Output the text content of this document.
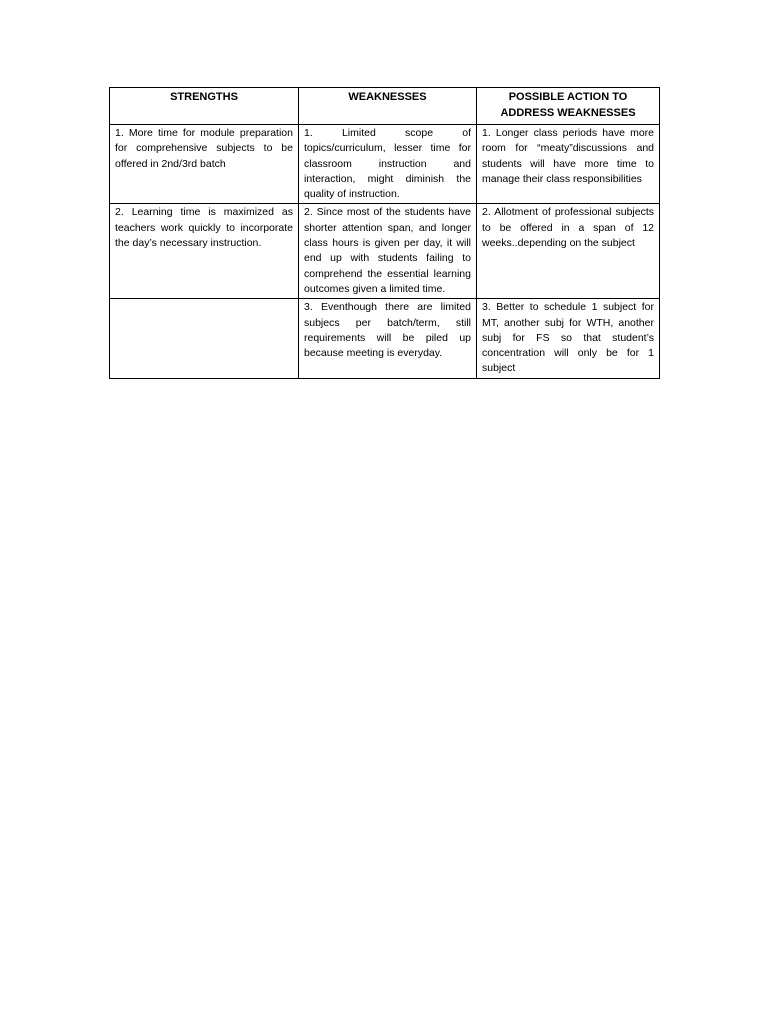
STRENGTHS	WEAKNESSES	POSSIBLE ACTION TO ADDRESS WEAKNESSES
1. More time for module preparation for comprehensive subjects to be offered in 2nd/3rd batch	1. Limited scope of topics/curriculum, lesser time for classroom instruction and interaction, might diminish the quality of instruction.	1. Longer class periods have more room for “meaty”discussions and students will have more time to manage their class responsibilities
2. Learning time is maximized as teachers work quickly to incorporate the day’s necessary instruction.	2. Since most of the students have shorter attention span, and longer class hours is given per day, it will end up with students failing to comprehend the essential learning outcomes given a limited time.	2. Allotment of professional subjects to be offered in a span of 12 weeks..depending on the subject
	3. Eventhough there are limited subjecs per batch/term, still requirements will be piled up because meeting is everyday.	3. Better to schedule 1 subject for MT, another subj for WTH, another subj for FS so that student’s concentration will only be for 1 subject
